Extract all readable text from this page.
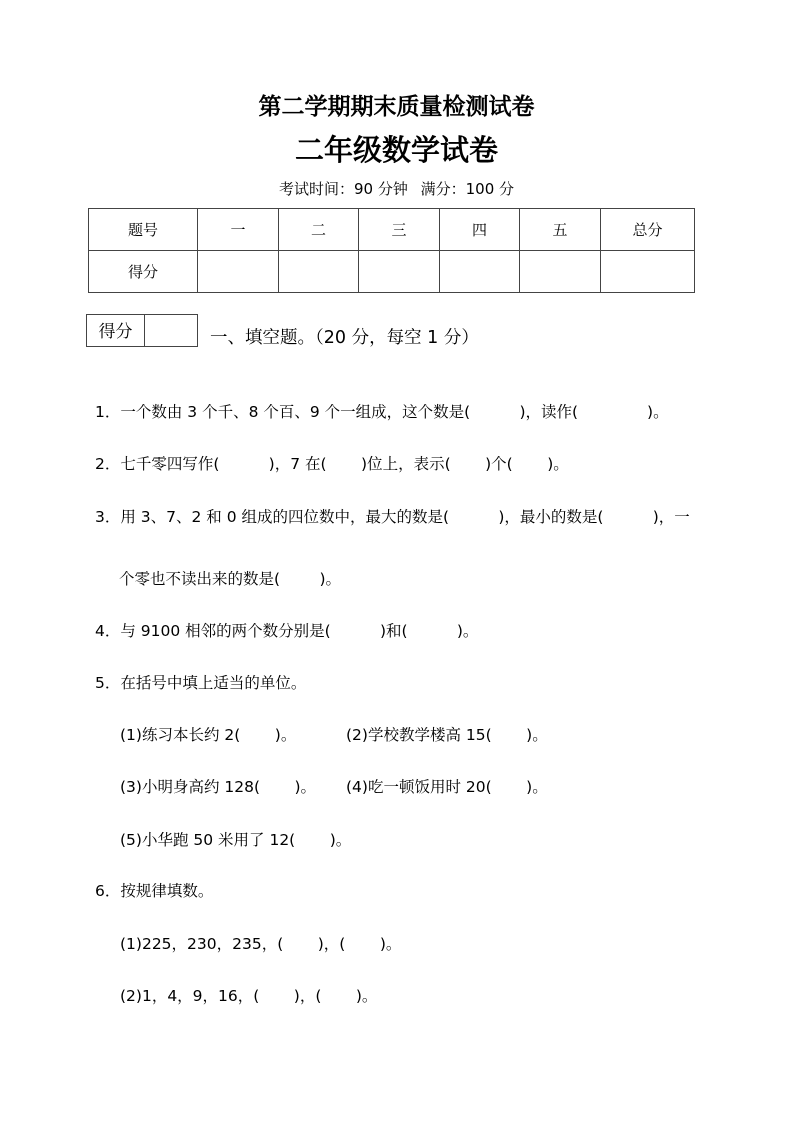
第二学期期末质量检测试卷
二年级数学试卷
考试时间：90 分钟 满分：100 分
题号	一	二	三	四	五	总分
得分						
得分	一、填空题。（20 分，每空 1 分）
1．一个数由 3 个千、8 个百、9 个一组成，这个数是(          )，读作(              )。
2．七千零四写作(          )，7 在(       )位上，表示(       )个(       )。
3．用 3、7、2 和 0 组成的四位数中，最大的数是(          )，最小的数是(          )，一
个零也不读出来的数是(        )。
4．与 9100 相邻的两个数分别是(          )和(          )。
5．在括号中填上适当的单位。
(1)练习本长约 2(       )。	(2)学校教学楼高 15(       )。
(3)小明身高约 128(       )。 (4)吃一顿饭用时 20(       )。
(5)小华跑 50 米用了 12(       )。
6．按规律填数。
(1)225，230，235，(       )，(       )。
(2)1，4，9，16，(       )，(       )。
